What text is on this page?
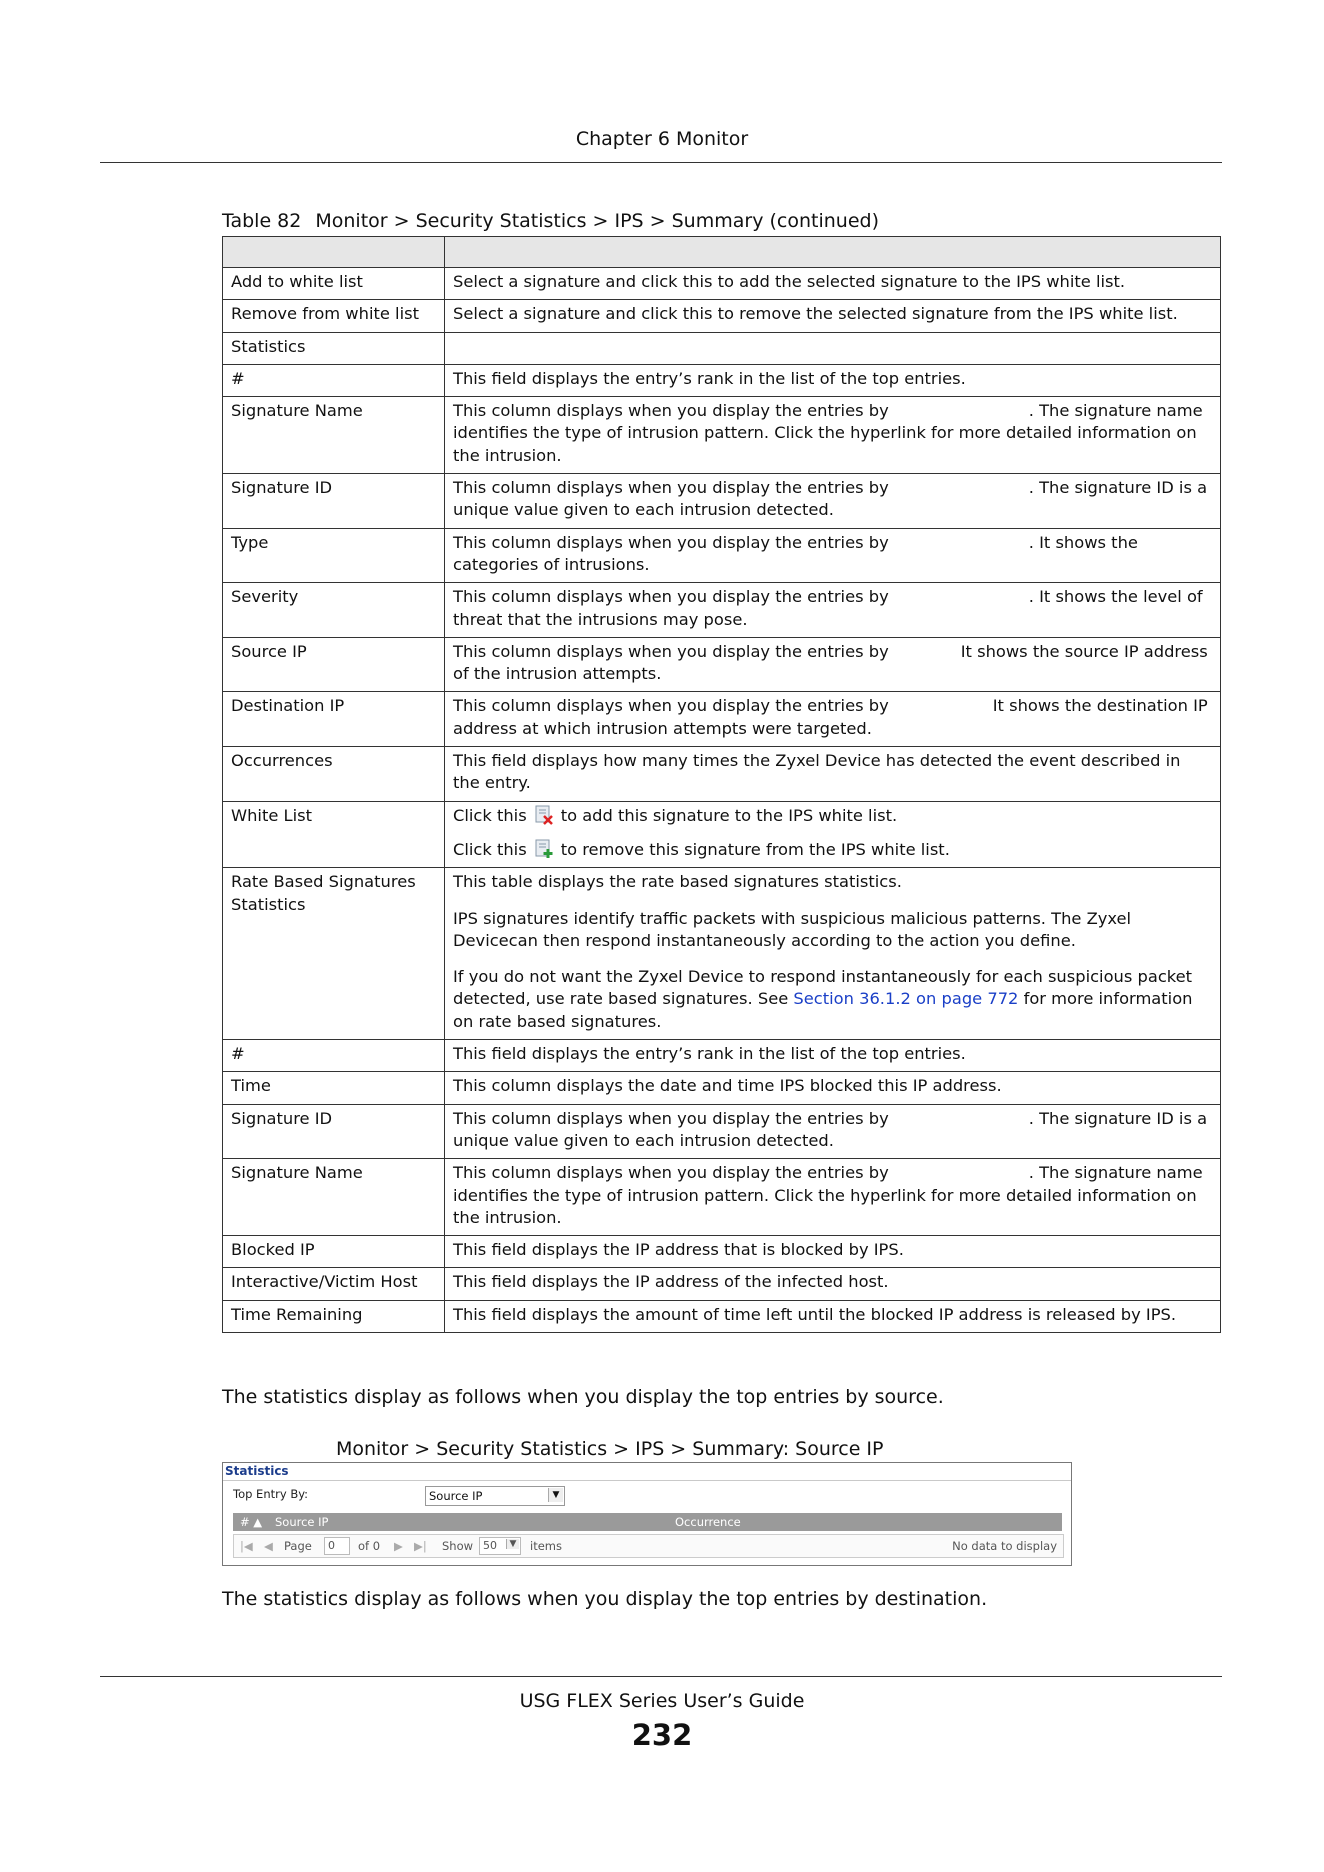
Chapter 6 Monitor
Table 82 Monitor > Security Statistics > IPS > Summary (continued)

Add to white list	Select a signature and click this to add the selected signature to the IPS white list.
Remove from white list	Select a signature and click this to remove the selected signature from the IPS white list.
Statistics	
#	This field displays the entry’s rank in the list of the top entries.
Signature Name	This column displays when you display the entries by . The signature name identifies the type of intrusion pattern. Click the hyperlink for more detailed information on the intrusion.
Signature ID	This column displays when you display the entries by . The signature ID is a unique value given to each intrusion detected.
Type	This column displays when you display the entries by . It shows the categories of intrusions.
Severity	This column displays when you display the entries by . It shows the level of threat that the intrusions may pose.
Source IP	This column displays when you display the entries by It shows the source IP address of the intrusion attempts.
Destination IP	This column displays when you display the entries by It shows the destination IP address at which intrusion attempts were targeted.
Occurrences	This field displays how many times the Zyxel Device has detected the event described in the entry.
White List	Click this to add this signature to the IPS white list.

Click this to remove this signature from the IPS white list.

Rate Based Signatures Statistics	This table displays the rate based signatures statistics.

IPS signatures identify traffic packets with suspicious malicious patterns. The Zyxel Devicecan then respond instantaneously according to the action you define.

If you do not want the Zyxel Device to respond instantaneously for each suspicious packet detected, use rate based signatures. See Section 36.1.2 on page 772 for more information on rate based signatures.

#	This field displays the entry’s rank in the list of the top entries.
Time	This column displays the date and time IPS blocked this IP address.
Signature ID	This column displays when you display the entries by . The signature ID is a unique value given to each intrusion detected.
Signature Name	This column displays when you display the entries by . The signature name identifies the type of intrusion pattern. Click the hyperlink for more detailed information on the intrusion.
Blocked IP	This field displays the IP address that is blocked by IPS.
Interactive/Victim Host	This field displays the IP address of the infected host.
Time Remaining	This field displays the amount of time left until the blocked IP address is released by IPS.
The statistics display as follows when you display the top entries by source.
Monitor > Security Statistics > IPS > Summary: Source IP
Statistics
Top Entry By:	Source IP	▼
# ▲ Source IP	Occurrence
|◀ ◀ Page 0 of 0 ▶ ▶| Show 50	▼ items	No data to display
The statistics display as follows when you display the top entries by destination.
USG FLEX Series User’s Guide
232
